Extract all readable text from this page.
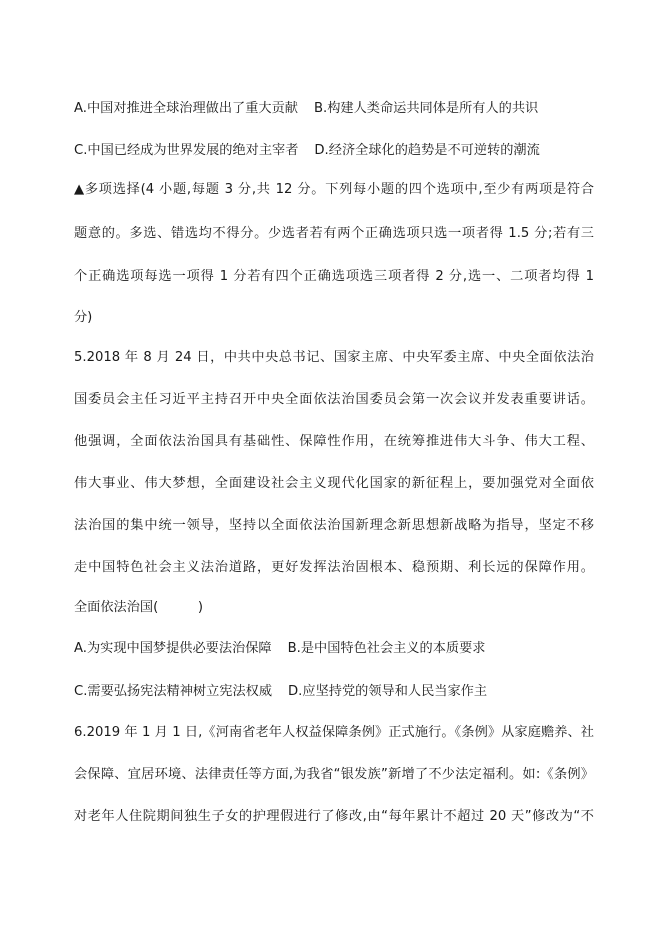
A.中国对推进全球治理做出了重大贡献 B.构建人类命运共同体是所有人的共识
C.中国已经成为世界发展的绝对主宰者 D.经济全球化的趋势是不可逆转的潮流
▲多项选择(4 小题,每题 3 分,共 12 分。下列每小题的四个选项中,至少有两项是符合
题意的。多选、错选均不得分。少选者若有两个正确选项只选一项者得 1.5 分;若有三
个正确选项每选一项得 1 分若有四个正确选项选三项者得 2 分,选一、二项者均得 1
分)
5.2018 年 8 月 24 日，中共中央总书记、国家主席、中央军委主席、中央全面依法治
国委员会主任习近平主持召开中央全面依法治国委员会第一次会议并发表重要讲话。
他强调，全面依法治国具有基础性、保障性作用，在统筹推进伟大斗争、伟大工程、
伟大事业、伟大梦想，全面建设社会主义现代化国家的新征程上，要加强党对全面依
法治国的集中统一领导，坚持以全面依法治国新理念新思想新战略为指导，坚定不移
走中国特色社会主义法治道路，更好发挥法治固根本、稳预期、利长远的保障作用。
全面依法治国(　　　)
A.为实现中国梦提供必要法治保障 B.是中国特色社会主义的本质要求
C.需要弘扬宪法精神树立宪法权威 D.应坚持党的领导和人民当家作主
6.2019 年 1 月 1 日,《河南省老年人权益保障条例》正式施行。《条例》从家庭赡养、社
会保障、宜居环境、法律责任等方面,为我省“银发族”新增了不少法定福利。如:《条例》
对老年人住院期间独生子女的护理假进行了修改,由“每年累计不超过 20 天”修改为“不
